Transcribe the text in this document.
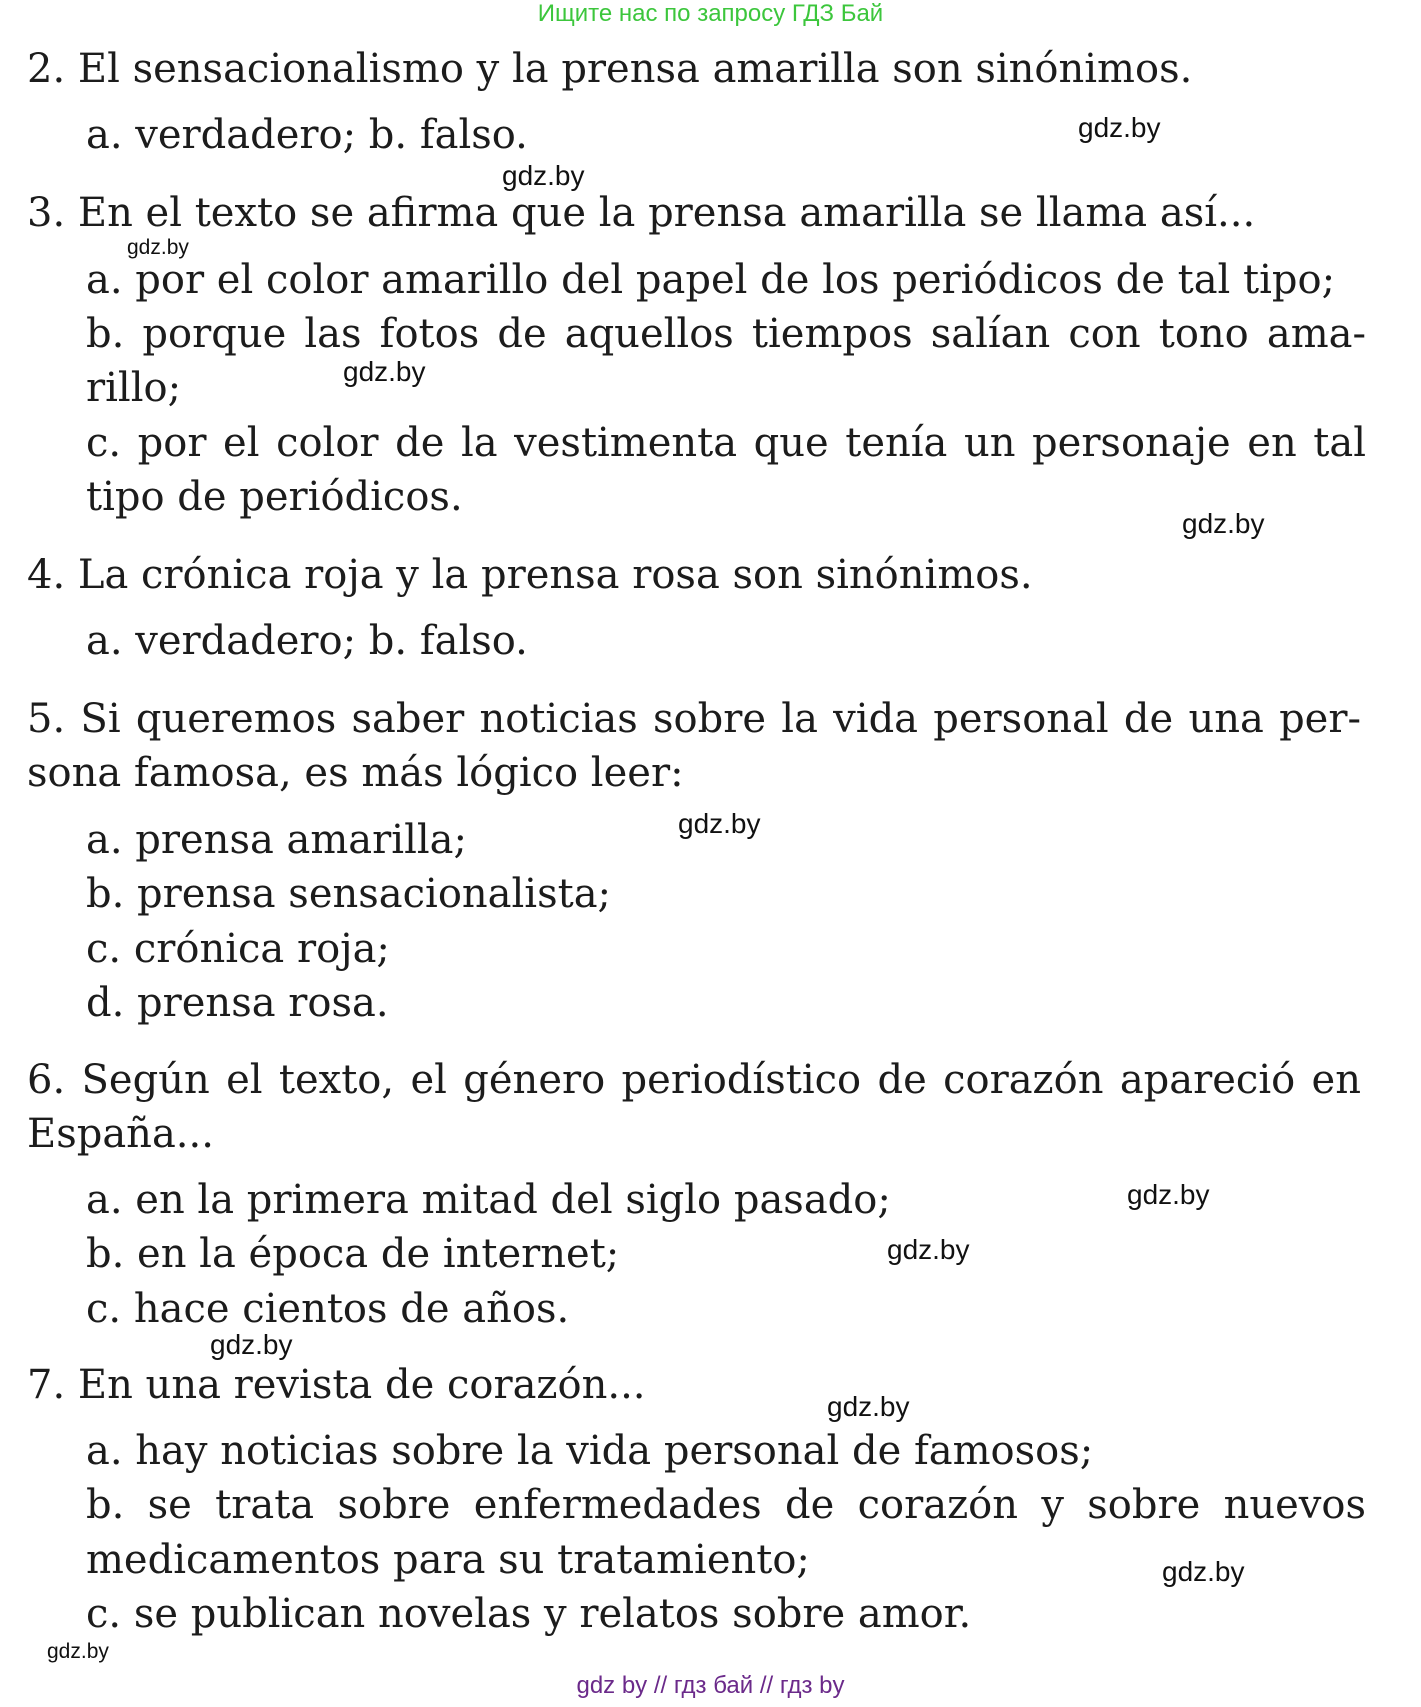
Ищите нас по запросу ГДЗ Бай
2. El sensacionalismo y la prensa amarilla son sinónimos.
a. verdadero; b. falso.
3. En el texto se afirma que la prensa amarilla se llama así...
a. por el color amarillo del papel de los periódicos de tal tipo;
b. porque las fotos de aquellos tiempos salían con tono ama-
rillo;
c. por el color de la vestimenta que tenía un personaje en tal
tipo de periódicos.
4. La crónica roja y la prensa rosa son sinónimos.
a. verdadero; b. falso.
5. Si queremos saber noticias sobre la vida personal de una per-
sona famosa, es más lógico leer:
a. prensa amarilla;
b. prensa sensacionalista;
c. crónica roja;
d. prensa rosa.
6. Según el texto, el género periodístico de corazón apareció en
España...
a. en la primera mitad del siglo pasado;
b. en la época de internet;
c. hace cientos de años.
7. En una revista de corazón...
a. hay noticias sobre la vida personal de famosos;
b. se trata sobre enfermedades de corazón y sobre nuevos
medicamentos para su tratamiento;
c. se publican novelas y relatos sobre amor.
gdz.by
gdz.by
gdz.by
gdz.by
gdz.by
gdz.by
gdz.by
gdz.by
gdz.by
gdz.by
gdz.by
gdz.by
gdz by // гдз бай // гдз by
